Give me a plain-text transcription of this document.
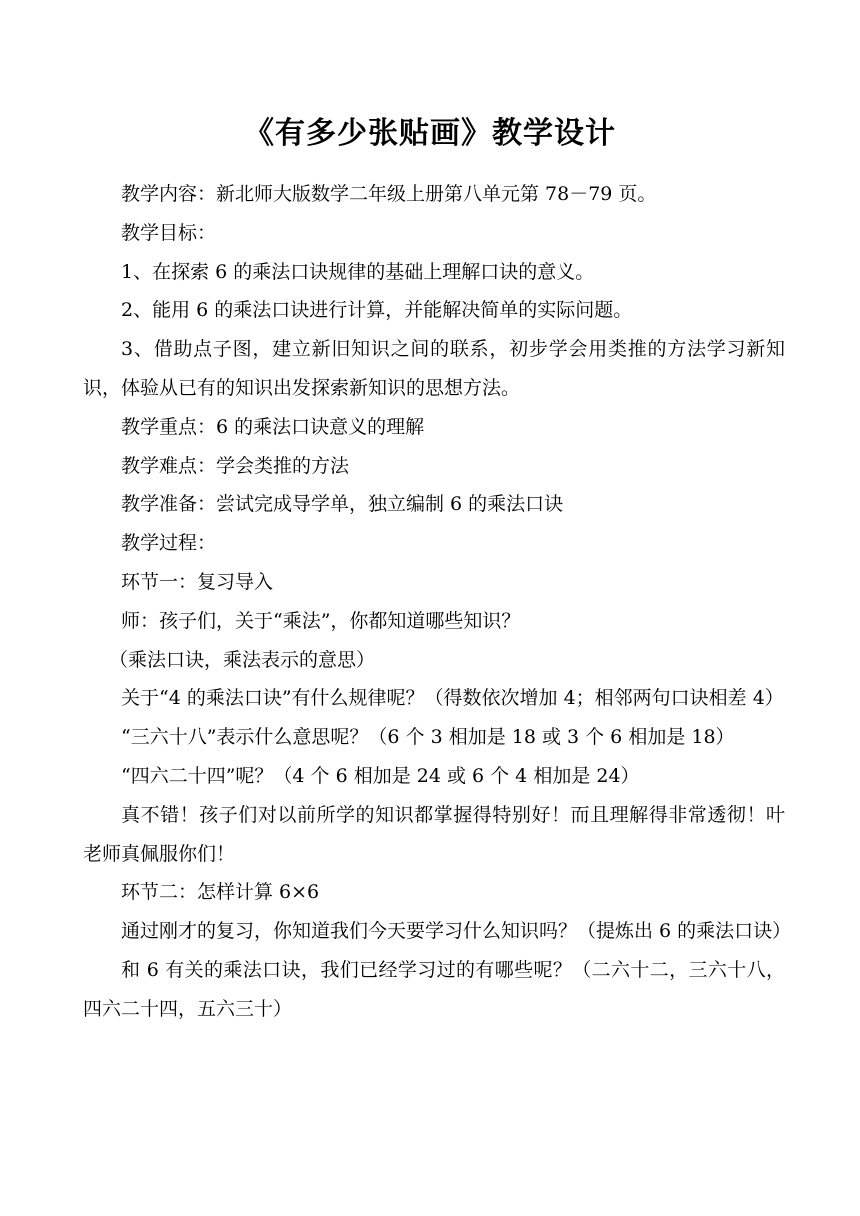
《有多少张贴画》教学设计

教学内容：新北师大版数学二年级上册第八单元第 78－79 页。

教学目标：

1、在探索 6 的乘法口诀规律的基础上理解口诀的意义。

2、能用 6 的乘法口诀进行计算，并能解决简单的实际问题。

3、借助点子图，建立新旧知识之间的联系，初步学会用类推的方法学习新知识，体验从已有的知识出发探索新知识的思想方法。

教学重点：6 的乘法口诀意义的理解

教学难点：学会类推的方法

教学准备：尝试完成导学单，独立编制 6 的乘法口诀

教学过程：

环节一：复习导入

师：孩子们，关于“乘法”，你都知道哪些知识？

（乘法口诀，乘法表示的意思）

关于“4 的乘法口诀”有什么规律呢？（得数依次增加 4；相邻两句口诀相差 4）

“三六十八”表示什么意思呢？（6 个 3 相加是 18 或 3 个 6 相加是 18）

“四六二十四”呢？（4 个 6 相加是 24 或 6 个 4 相加是 24）

真不错！孩子们对以前所学的知识都掌握得特别好！而且理解得非常透彻！叶老师真佩服你们！

环节二：怎样计算 6×6

通过刚才的复习，你知道我们今天要学习什么知识吗？（提炼出 6 的乘法口诀）

和 6 有关的乘法口诀，我们已经学习过的有哪些呢？（二六十二，三六十八，四六二十四，五六三十）
